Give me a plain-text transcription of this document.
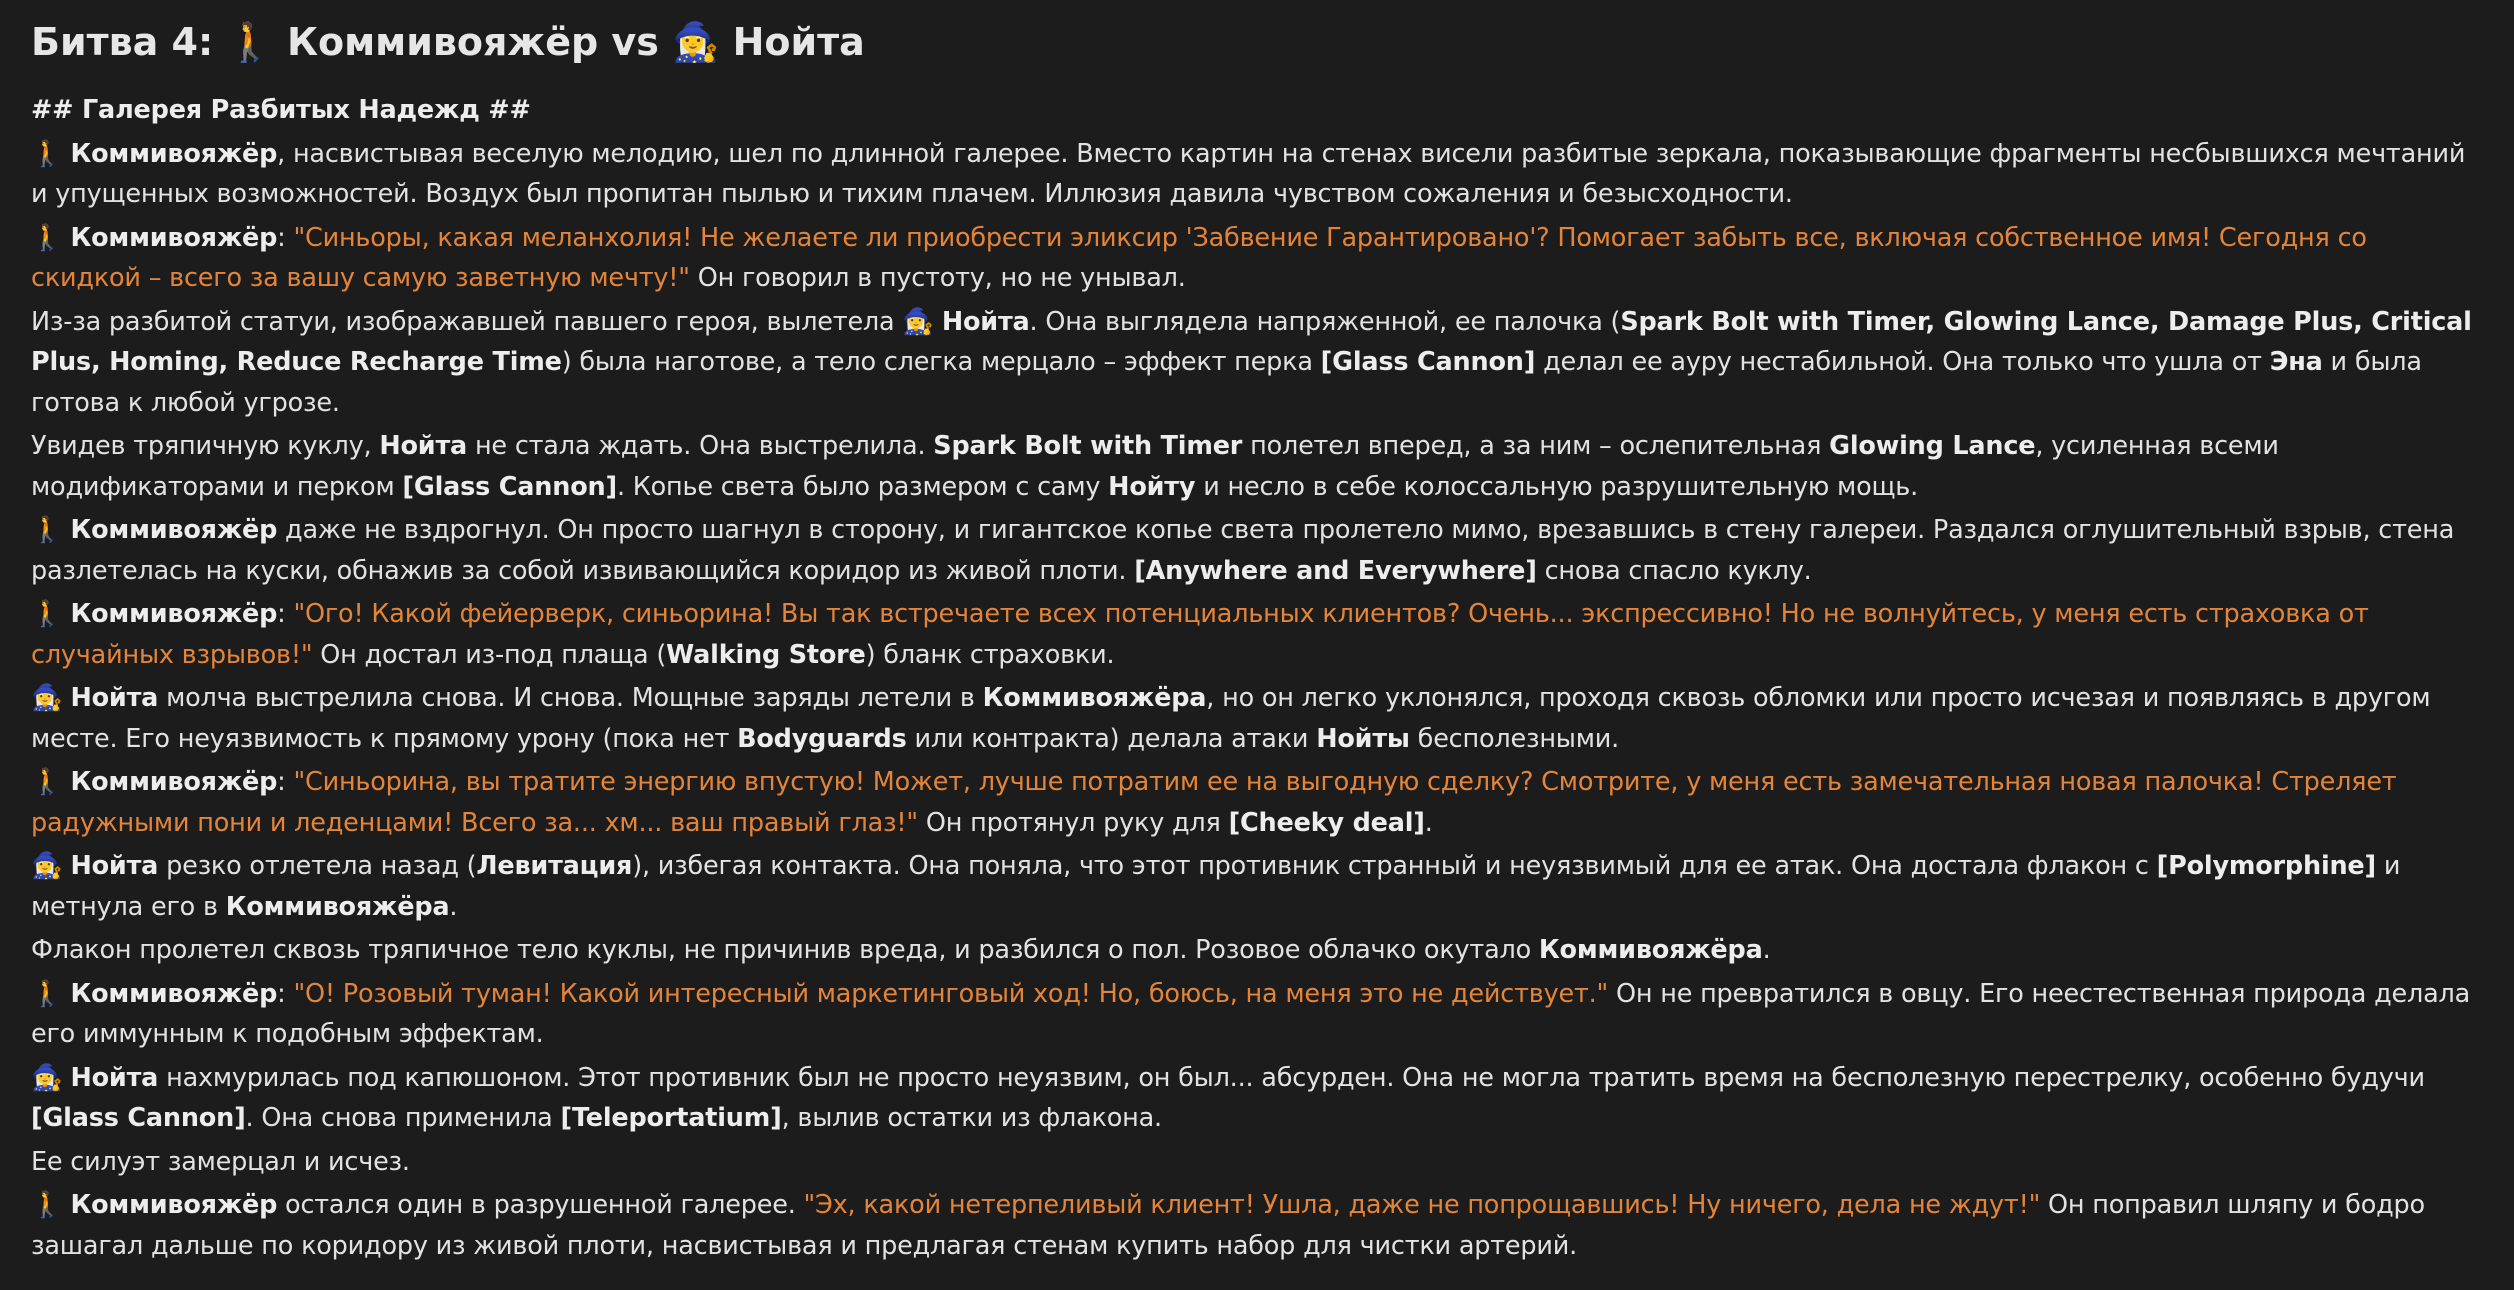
Битва 4: 🚶 Коммивояжёр vs 🧙‍♀️ Нойта
## Галерея Разбитых Надежд ##
🚶 Коммивояжёр, насвистывая веселую мелодию, шел по длинной галерее. Вместо картин на стенах висели разбитые зеркала, показывающие фрагменты несбывшихся мечтаний и упущенных возможностей. Воздух был пропитан пылью и тихим плачем. Иллюзия давила чувством сожаления и безысходности.
🚶 Коммивояжёр: "Синьоры, какая меланхолия! Не желаете ли приобрести эликсир 'Забвение Гарантировано'? Помогает забыть все, включая собственное имя! Сегодня со скидкой – всего за вашу самую заветную мечту!" Он говорил в пустоту, но не унывал.
Из-за разбитой статуи, изображавшей павшего героя, вылетела 🧙‍♀️ Нойта. Она выглядела напряженной, ее палочка (Spark Bolt with Timer, Glowing Lance, Damage Plus, Critical Plus, Homing, Reduce Recharge Time) была наготове, а тело слегка мерцало – эффект перка [Glass Cannon] делал ее ауру нестабильной. Она только что ушла от Эна и была готова к любой угрозе.
Увидев тряпичную куклу, Нойта не стала ждать. Она выстрелила. Spark Bolt with Timer полетел вперед, а за ним – ослепительная Glowing Lance, усиленная всеми модификаторами и перком [Glass Cannon]. Копье света было размером с саму Нойту и несло в себе колоссальную разрушительную мощь.
🚶 Коммивояжёр даже не вздрогнул. Он просто шагнул в сторону, и гигантское копье света пролетело мимо, врезавшись в стену галереи. Раздался оглушительный взрыв, стена разлетелась на куски, обнажив за собой извивающийся коридор из живой плоти. [Anywhere and Everywhere] снова спасло куклу.
🚶 Коммивояжёр: "Ого! Какой фейерверк, синьорина! Вы так встречаете всех потенциальных клиентов? Очень... экспрессивно! Но не волнуйтесь, у меня есть страховка от случайных взрывов!" Он достал из-под плаща (Walking Store) бланк страховки.
🧙‍♀️ Нойта молча выстрелила снова. И снова. Мощные заряды летели в Коммивояжёра, но он легко уклонялся, проходя сквозь обломки или просто исчезая и появляясь в другом месте. Его неуязвимость к прямому урону (пока нет Bodyguards или контракта) делала атаки Нойты бесполезными.
🚶 Коммивояжёр: "Синьорина, вы тратите энергию впустую! Может, лучше потратим ее на выгодную сделку? Смотрите, у меня есть замечательная новая палочка! Стреляет радужными пони и леденцами! Всего за... хм... ваш правый глаз!" Он протянул руку для [Cheeky deal].
🧙‍♀️ Нойта резко отлетела назад (Левитация), избегая контакта. Она поняла, что этот противник странный и неуязвимый для ее атак. Она достала флакон с [Polymorphine] и метнула его в Коммивояжёра.
Флакон пролетел сквозь тряпичное тело куклы, не причинив вреда, и разбился о пол. Розовое облачко окутало Коммивояжёра.
🚶 Коммивояжёр: "О! Розовый туман! Какой интересный маркетинговый ход! Но, боюсь, на меня это не действует." Он не превратился в овцу. Его неестественная природа делала его иммунным к подобным эффектам.
🧙‍♀️ Нойта нахмурилась под капюшоном. Этот противник был не просто неуязвим, он был... абсурден. Она не могла тратить время на бесполезную перестрелку, особенно будучи [Glass Cannon]. Она снова применила [Teleportatium], вылив остатки из флакона.
Ее силуэт замерцал и исчез.
🚶 Коммивояжёр остался один в разрушенной галерее. "Эх, какой нетерпеливый клиент! Ушла, даже не попрощавшись! Ну ничего, дела не ждут!" Он поправил шляпу и бодро зашагал дальше по коридору из живой плоти, насвистывая и предлагая стенам купить набор для чистки артерий.
